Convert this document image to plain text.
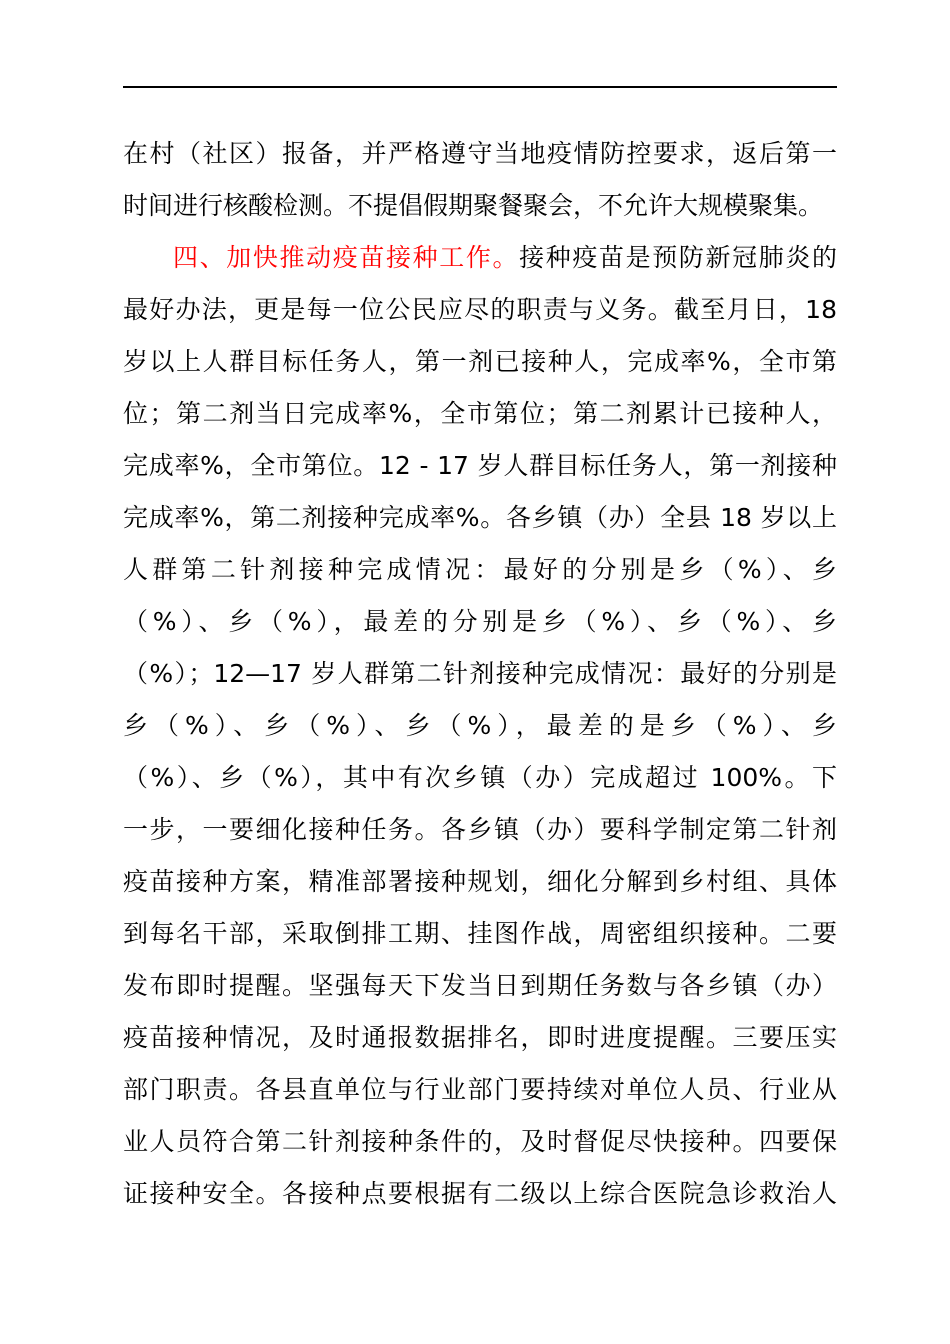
在村（社区）报备，并严格遵守当地疫情防控要求，返后第一
时间进行核酸检测。不提倡假期聚餐聚会，不允许大规模聚集。
四、加快推动疫苗接种工作。接种疫苗是预防新冠肺炎的
最好办法，更是每一位公民应尽的职责与义务。截至月日，18
岁以上人群目标任务人，第一剂已接种人，完成率%，全市第
位；第二剂当日完成率%，全市第位；第二剂累计已接种人，
完成率%，全市第位。12 - 17 岁人群目标任务人，第一剂接种
完成率%，第二剂接种完成率%。各乡镇（办）全县 18 岁以上
人群第二针剂接种完成情况：最好的分别是乡（%）、乡
（%）、乡（%），最差的分别是乡（%）、乡（%）、乡
（%）；12—17 岁人群第二针剂接种完成情况：最好的分别是
乡（%）、乡（%）、乡（%），最差的是乡（%）、乡
（%）、乡（%），其中有次乡镇（办）完成超过 100%。下
一步，一要细化接种任务。各乡镇（办）要科学制定第二针剂
疫苗接种方案，精准部署接种规划，细化分解到乡村组、具体
到每名干部，采取倒排工期、挂图作战，周密组织接种。二要
发布即时提醒。坚强每天下发当日到期任务数与各乡镇（办）
疫苗接种情况，及时通报数据排名，即时进度提醒。三要压实
部门职责。各县直单位与行业部门要持续对单位人员、行业从
业人员符合第二针剂接种条件的，及时督促尽快接种。四要保
证接种安全。各接种点要根据有二级以上综合医院急诊救治人
